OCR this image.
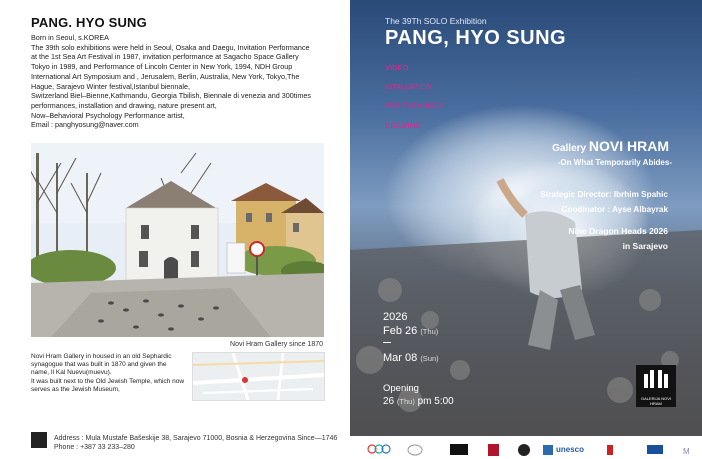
PANG. HYO SUNG
Born in Seoul, s.KOREA
The 39th solo exhibitions were held in Seoul, Osaka and Daegu, Invitation Performance
at the 1st Sea Art Festival in 1987, invitation performance at Sagacho Space Gallery
Tokyo in 1989, and Performance of Lincoln Center in New York, 1994, NDH Group
International Art Symposium and , Jerusalem, Berlin, Australia, New York, Tokyo,The
Hague, Sarajevo Winter festival,Istanbul biennale,
Switzerland Biel–Bienne,Kathmandu, Georgia Tbilish, Biennale di venezia and 300times
performances, installation and drawing, nature present art,
Now–Behavioral Psychology Performance artist,
Email : panghyosung@naver.com
Novi Hram Gallery since 1870
Novi Hram Gallery in housed in an old Sephardic
synagogue that was built in 1870 and given the
name, Il Kal Nuevu(muevu).
It was built next to the Old Jewish Temple, which now
serves as the Jewish Museum,
Address : Mula Mustafe Bašeskije 38, Sarajevo 71000, Bosnia & Herzegovina Since—1746
Phone : +387 33 233–280
The 39Th SOLO Exhibition
PANG, HYO SUNG
VIDEO
ISTALLATION
PERFORMANCE
DRAWING
Gallery NOVI HRAM
-On What Temporarily Abides-
Strategic Director: Ibrhim Spahic
Coodinator : Ayse Albayrak
Nine Dragon Heads 2026
in Sarajevo
2026
Feb 26 (Thu)
Mar 08 (Sun)
Opening
26 (Thu) pm 5:00	GALERIJA NOVI HRAM
M
unesco
